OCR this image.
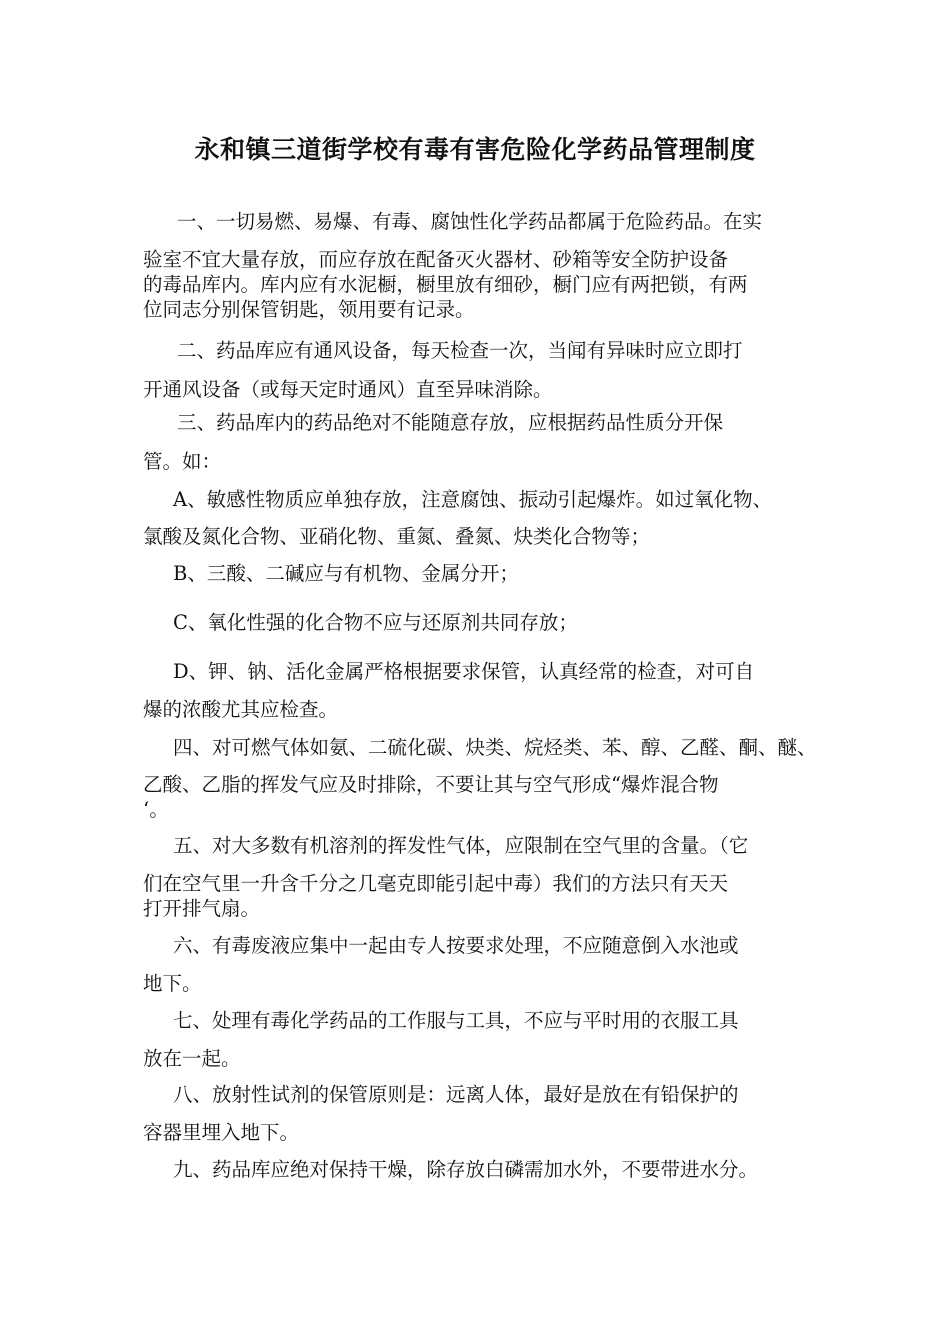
永和镇三道街学校有毒有害危险化学药品管理制度
一、一切易燃、易爆、有毒、腐蚀性化学药品都属于危险药品。在实
验室不宜大量存放，而应存放在配备灭火器材、砂箱等安全防护设备
的毒品库内。库内应有水泥橱，橱里放有细砂，橱门应有两把锁，有两
位同志分别保管钥匙，领用要有记录。
二、药品库应有通风设备，每天检查一次，当闻有异味时应立即打
开通风设备（或每天定时通风）直至异味消除。
三、药品库内的药品绝对不能随意存放，应根据药品性质分开保
管。如：
A、敏感性物质应单独存放，注意腐蚀、振动引起爆炸。如过氧化物、
氯酸及氮化合物、亚硝化物、重氮、叠氮、炔类化合物等；
B、三酸、二碱应与有机物、金属分开；
C、氧化性强的化合物不应与还原剂共同存放；
D、钾、钠、活化金属严格根据要求保管，认真经常的检查，对可自
爆的浓酸尤其应检查。
四、对可燃气体如氨、二硫化碳、炔类、烷烃类、苯、醇、乙醛、酮、醚、
乙酸、乙脂的挥发气应及时排除，不要让其与空气形成“爆炸混合物
‘。
五、对大多数有机溶剂的挥发性气体，应限制在空气里的含量。（它
们在空气里一升含千分之几毫克即能引起中毒）我们的方法只有天天
打开排气扇。
六、有毒废液应集中一起由专人按要求处理，不应随意倒入水池或
地下。
七、处理有毒化学药品的工作服与工具，不应与平时用的衣服工具
放在一起。
八、放射性试剂的保管原则是：远离人体，最好是放在有铅保护的
容器里埋入地下。
九、药品库应绝对保持干燥，除存放白磷需加水外，不要带进水分。
